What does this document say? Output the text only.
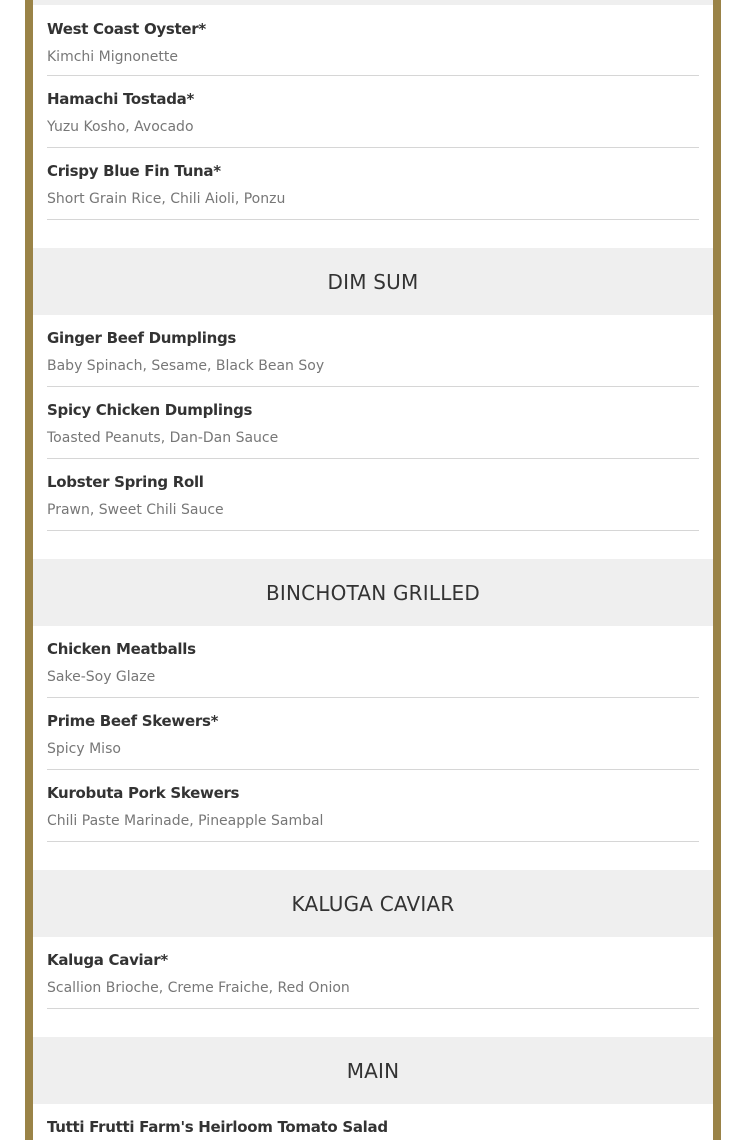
West Coast Oyster*
Kimchi Mignonette
Hamachi Tostada*
Yuzu Kosho, Avocado
Crispy Blue Fin Tuna*
Short Grain Rice, Chili Aioli, Ponzu
DIM SUM
Ginger Beef Dumplings
Baby Spinach, Sesame, Black Bean Soy
Spicy Chicken Dumplings
Toasted Peanuts, Dan-Dan Sauce
Lobster Spring Roll
Prawn, Sweet Chili Sauce
BINCHOTAN GRILLED
Chicken Meatballs
Sake-Soy Glaze
Prime Beef Skewers*
Spicy Miso
Kurobuta Pork Skewers
Chili Paste Marinade, Pineapple Sambal
KALUGA CAVIAR
Kaluga Caviar*
Scallion Brioche, Creme Fraiche, Red Onion
MAIN
Tutti Frutti Farm's Heirloom Tomato Salad
